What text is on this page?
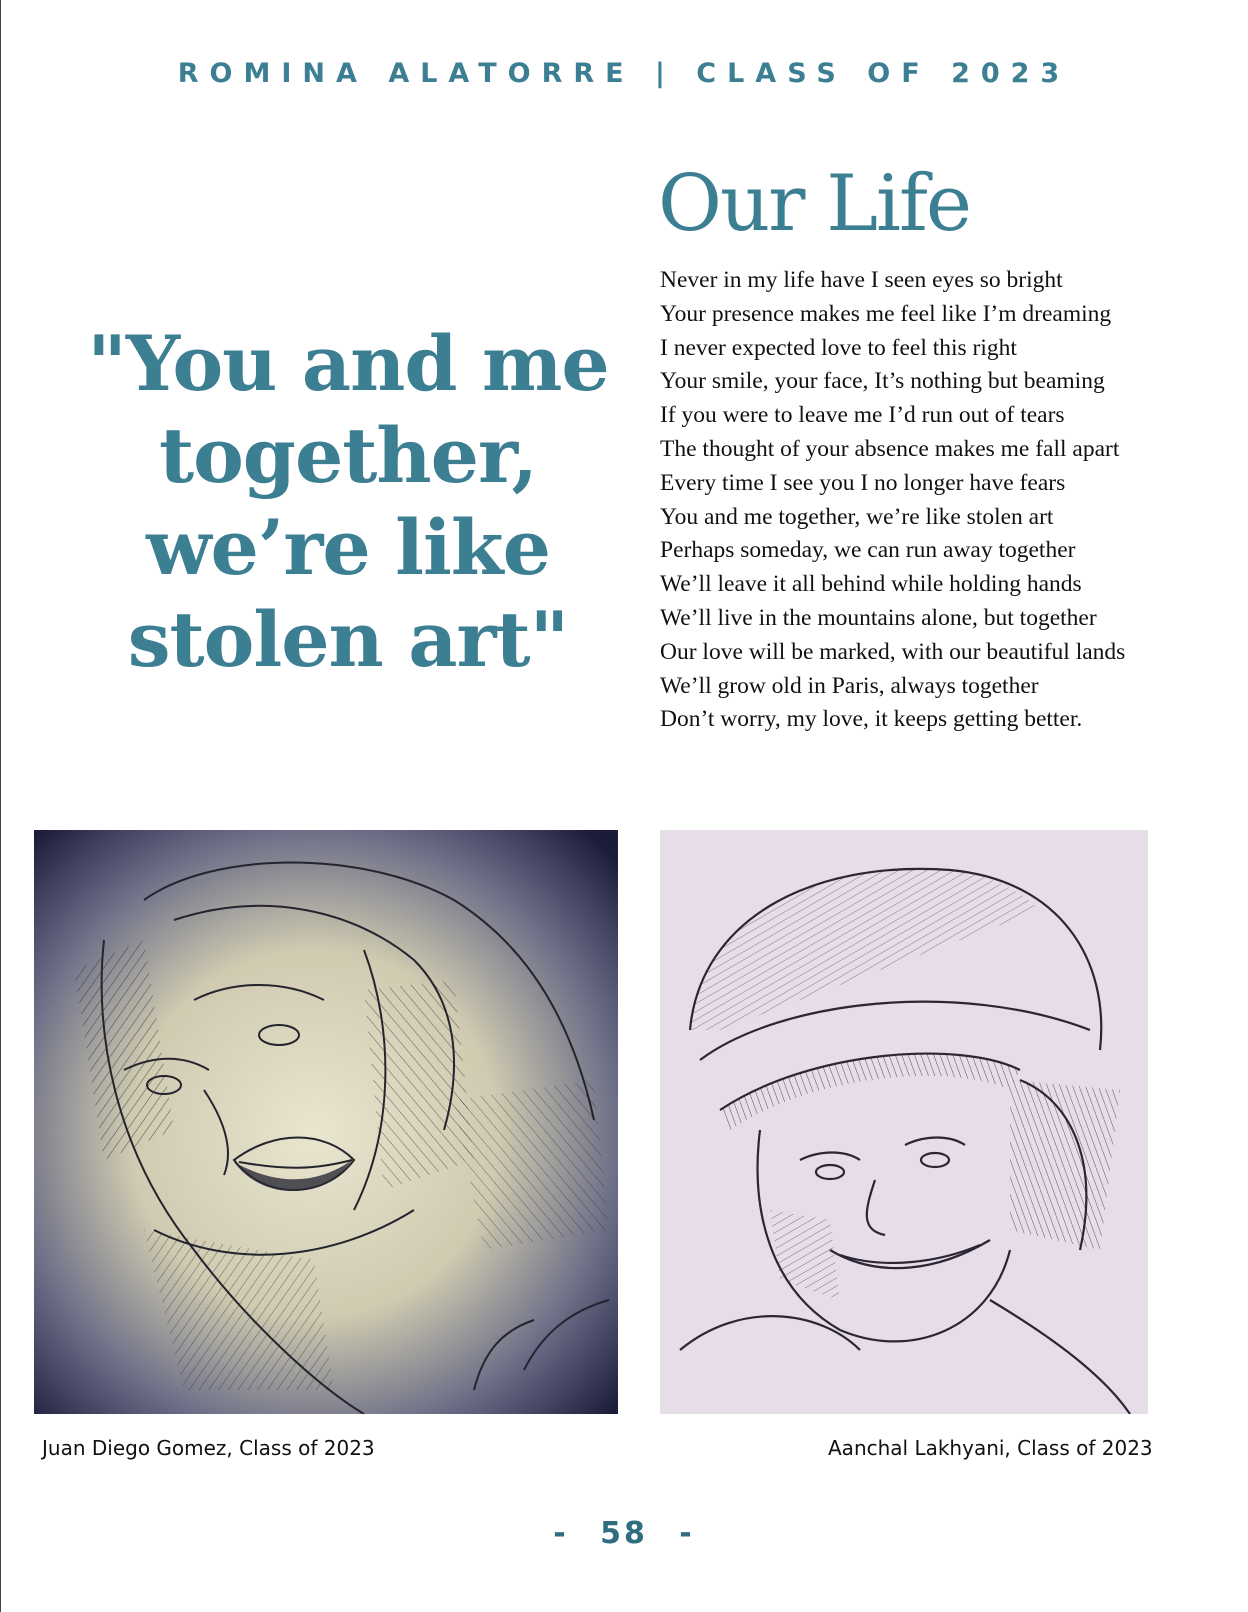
ROMINA ALATORRE | CLASS OF 2023
"You and me together, we’re like stolen art"
Our Life
Never in my life have I seen eyes so bright
Your presence makes me feel like I’m dreaming
I never expected love to feel this right
Your smile, your face, It’s nothing but beaming
If you were to leave me I’d run out of tears
The thought of your absence makes me fall apart
Every time I see you I no longer have fears
You and me together, we’re like stolen art
Perhaps someday, we can run away together
We’ll leave it all behind while holding hands
We’ll live in the mountains alone, but together
Our love will be marked, with our beautiful lands
We’ll grow old in Paris, always together
Don’t worry, my love, it keeps getting better.
Juan Diego Gomez, Class of 2023	Aanchal Lakhyani, Class of 2023
- 58 -
